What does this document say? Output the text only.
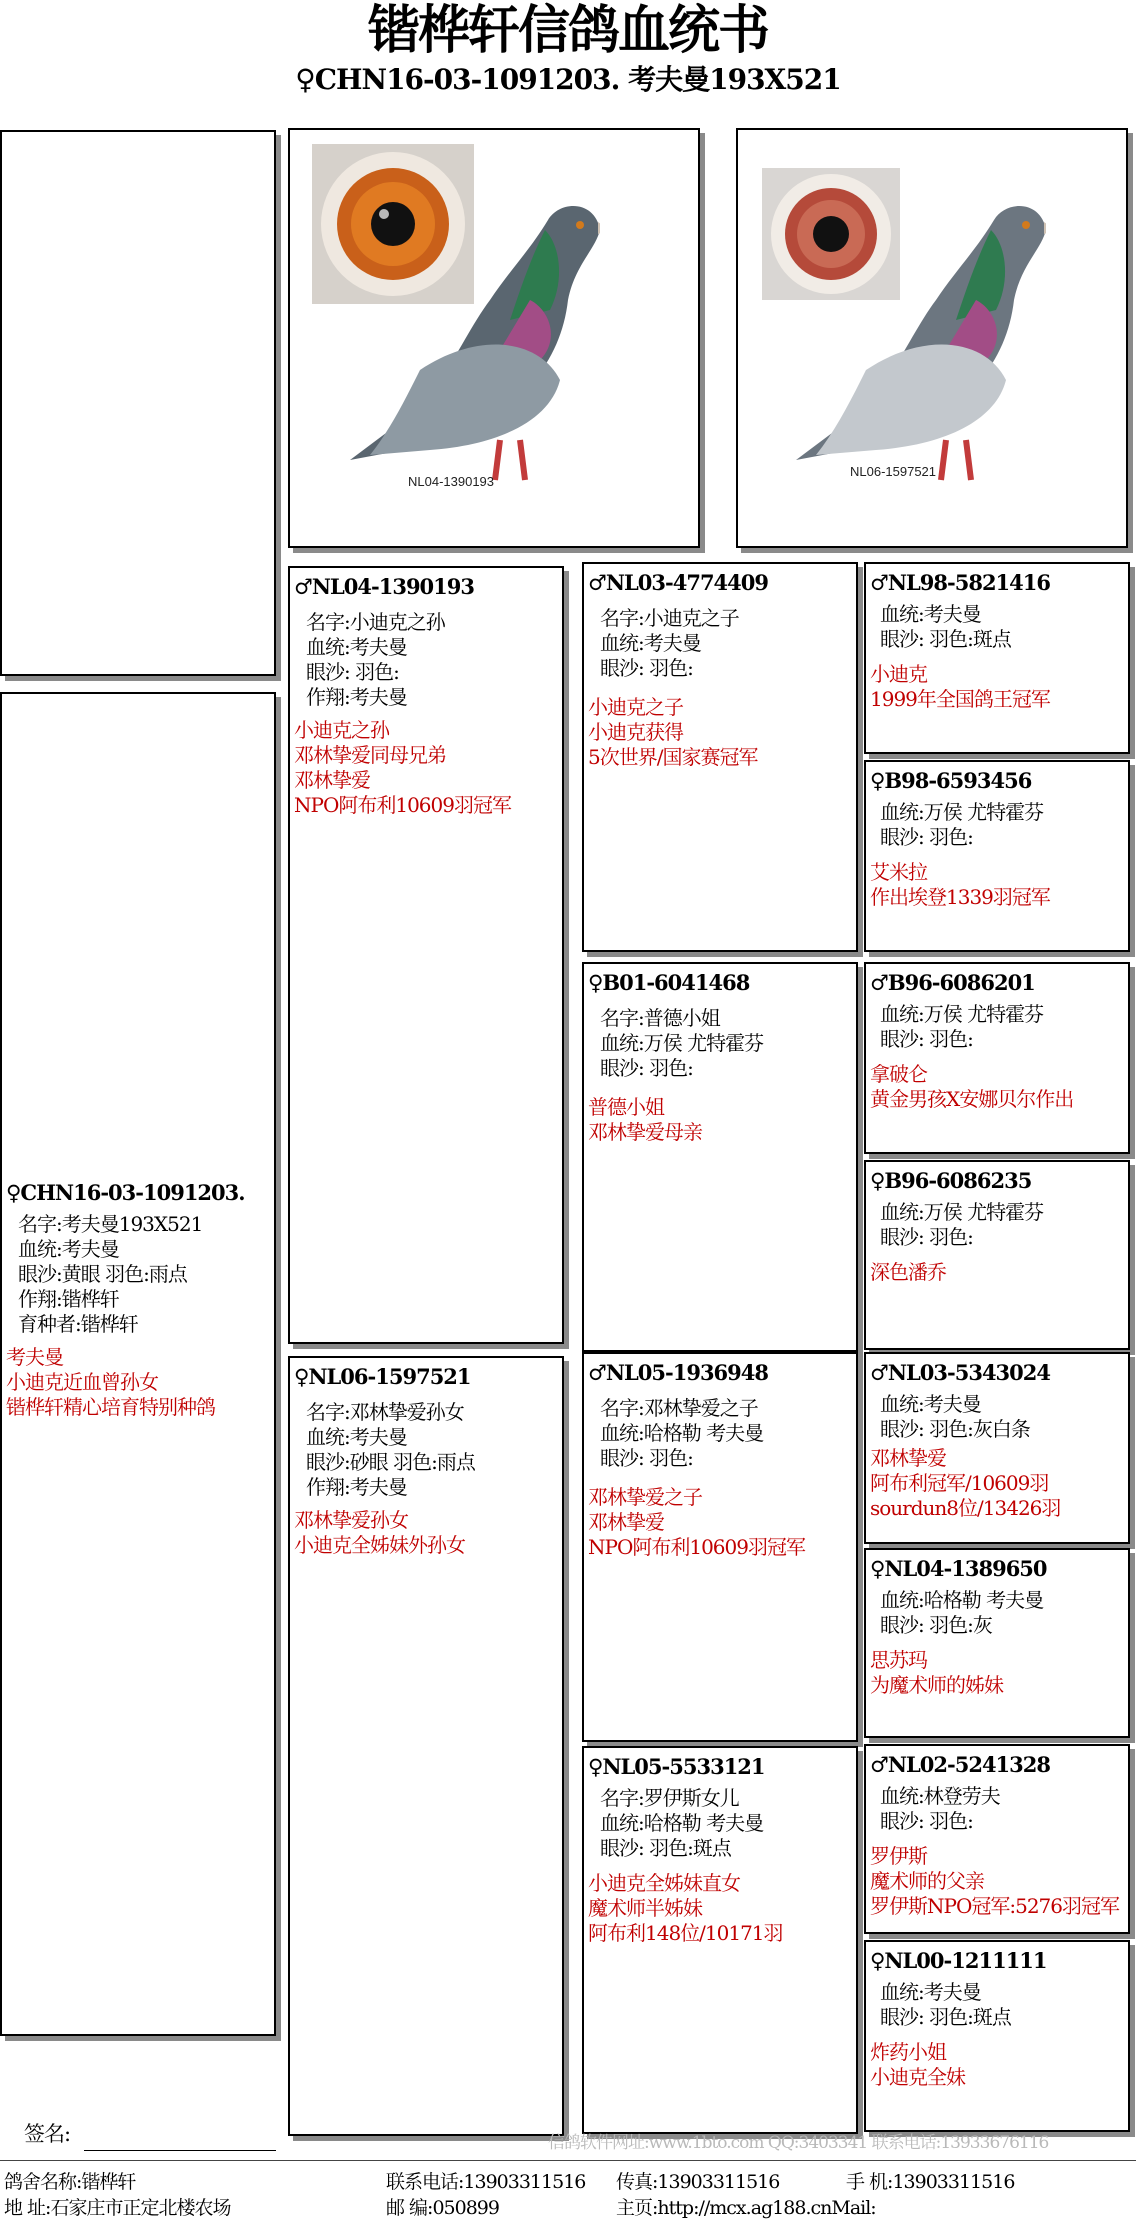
锴桦轩信鸽血统书
♀CHN16-03-1091203. 考夫曼193X521
♀CHN16-03-1091203.
名字:考夫曼193X521
血统:考夫曼
眼沙:黄眼 羽色:雨点
作翔:锴桦轩
育种者:锴桦轩
考夫曼
小迪克近血曾孙女
锴桦轩精心培育特别种鸽
NL04-1390193
NL06-1597521
♂NL04-1390193
名字:小迪克之孙
血统:考夫曼
眼沙: 羽色:
作翔:考夫曼
小迪克之孙
邓林挚爱同母兄弟
邓林挚爱
NPO阿布利10609羽冠军
♀NL06-1597521
名字:邓林挚爱孙女
血统:考夫曼
眼沙:砂眼 羽色:雨点
作翔:考夫曼
邓林挚爱孙女
小迪克全姊妹外孙女
♂NL03-4774409
名字:小迪克之子
血统:考夫曼
眼沙: 羽色:
小迪克之子
小迪克获得
5次世界/国家赛冠军
♀B01-6041468
名字:普德小姐
血统:万侯 尤特霍芬
眼沙: 羽色:
普德小姐
邓林挚爱母亲
♂NL05-1936948
名字:邓林挚爱之子
血统:哈格勒 考夫曼
眼沙: 羽色:
邓林挚爱之子
邓林挚爱
NPO阿布利10609羽冠军
♀NL05-5533121
名字:罗伊斯女儿
血统:哈格勒 考夫曼
眼沙: 羽色:斑点
小迪克全姊妹直女
魔术师半姊妹
阿布利148位/10171羽
♂NL98-5821416
血统:考夫曼
眼沙: 羽色:斑点
小迪克
1999年全国鸽王冠军
♀B98-6593456
血统:万侯 尤特霍芬
眼沙: 羽色:
艾米拉
作出埃登1339羽冠军
♂B96-6086201
血统:万侯 尤特霍芬
眼沙: 羽色:
拿破仑
黄金男孩X安娜贝尔作出
♀B96-6086235
血统:万侯 尤特霍芬
眼沙: 羽色:
深色潘乔
♂NL03-5343024
血统:考夫曼
眼沙: 羽色:灰白条
邓林挚爱
阿布利冠军/10609羽
sourdun8位/13426羽
♀NL04-1389650
血统:哈格勒 考夫曼
眼沙: 羽色:灰
思苏玛
为魔术师的姊妹
♂NL02-5241328
血统:林登劳夫
眼沙: 羽色:
罗伊斯
魔术师的父亲
罗伊斯NPO冠军:5276羽冠军
♀NL00-1211111
血统:考夫曼
眼沙: 羽色:斑点
炸药小姐
小迪克全妹
签名:	信鸽软件网址:www.1bto.com QQ:3403341 联系电话:13933676116
鸽舍名称:锴桦轩	联系电话:13903311516 传真:13903311516	手 机:13903311516
地 址:石家庄市正定北楼农场	邮 编:050899	主页:http://mcx.ag188.cnMail:
